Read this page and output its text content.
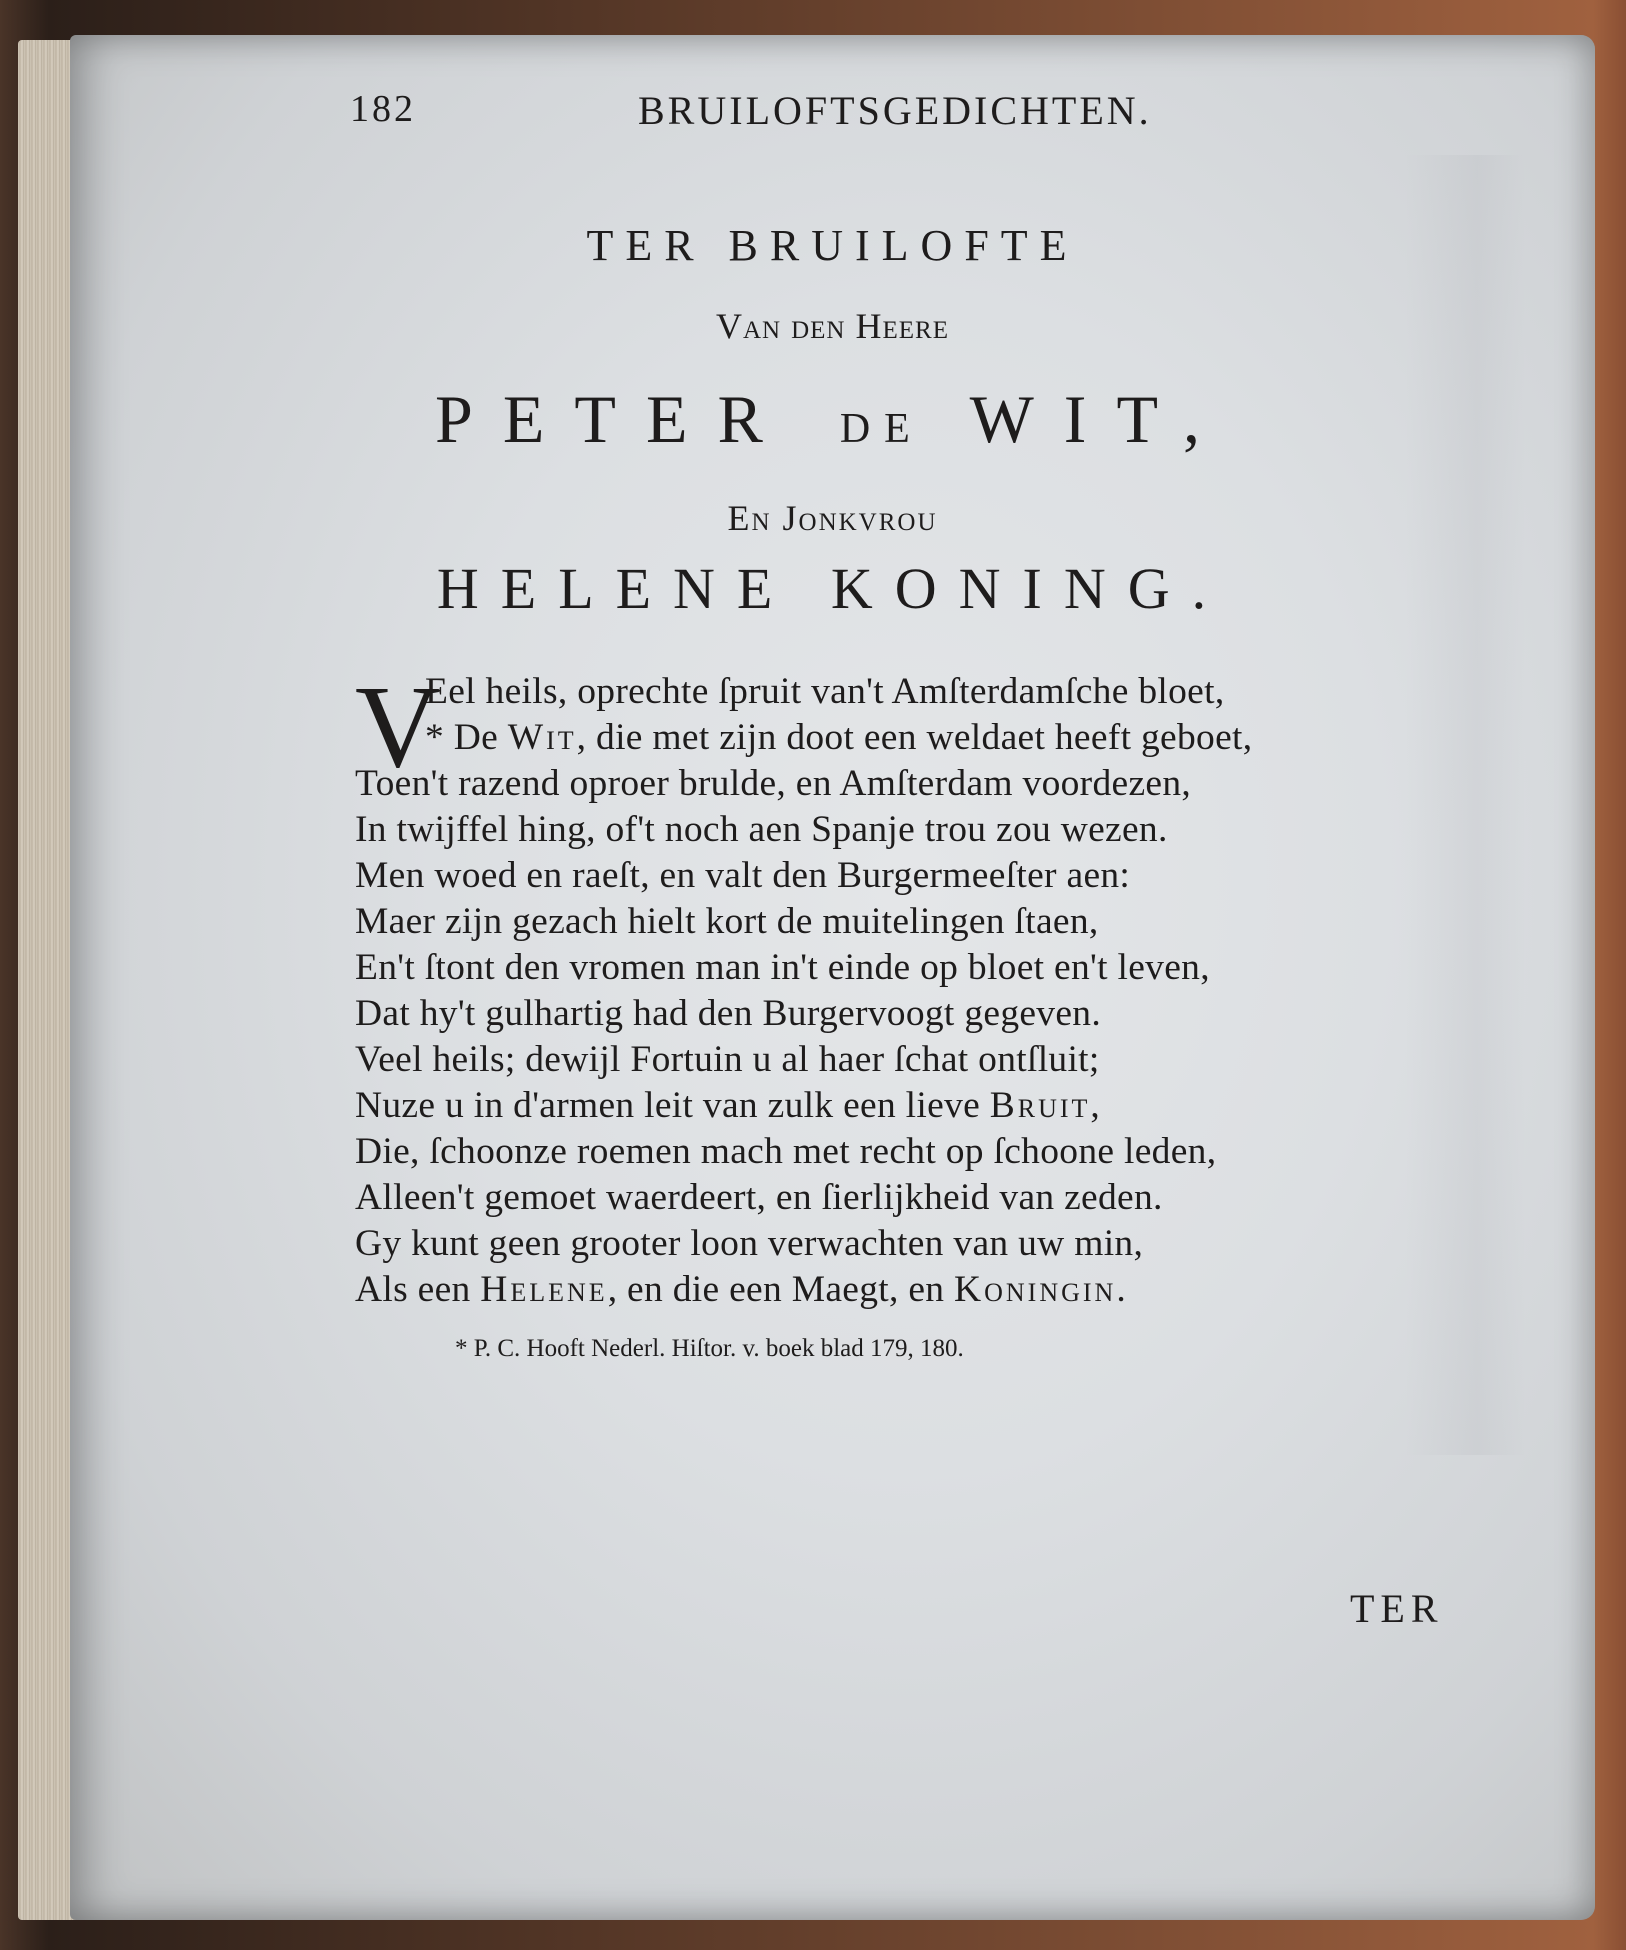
182	BRUILOFTSGEDICHTEN.
TER BRUILOFTE
Van den Heere
PETER DE WIT,
En Jonkvrou
HELENE KONING.
V
Eel heils, oprechte ſpruit van't Amſterdamſche bloet,
* De Wit, die met zijn doot een weldaet heeft geboet,
Toen't razend oproer brulde, en Amſterdam voordezen,
In twijffel hing, of't noch aen Spanje trou zou wezen.
Men woed en raeſt, en valt den Burgermeeſter aen:
Maer zijn gezach hielt kort de muitelingen ſtaen,
En't ſtont den vromen man in't einde op bloet en't leven,
Dat hy't gulhartig had den Burgervoogt gegeven.
Veel heils; dewijl Fortuin u al haer ſchat ontſluit;
Nuze u in d'armen leit van zulk een lieve Bruit,
Die, ſchoonze roemen mach met recht op ſchoone leden,
Alleen't gemoet waerdeert, en ſierlijkheid van zeden.
Gy kunt geen grooter loon verwachten van uw min,
Als een Helene, en die een Maegt, en Koningin.
* P. C. Hooft Nederl. Hiſtor. v. boek blad 179, 180.
TER
